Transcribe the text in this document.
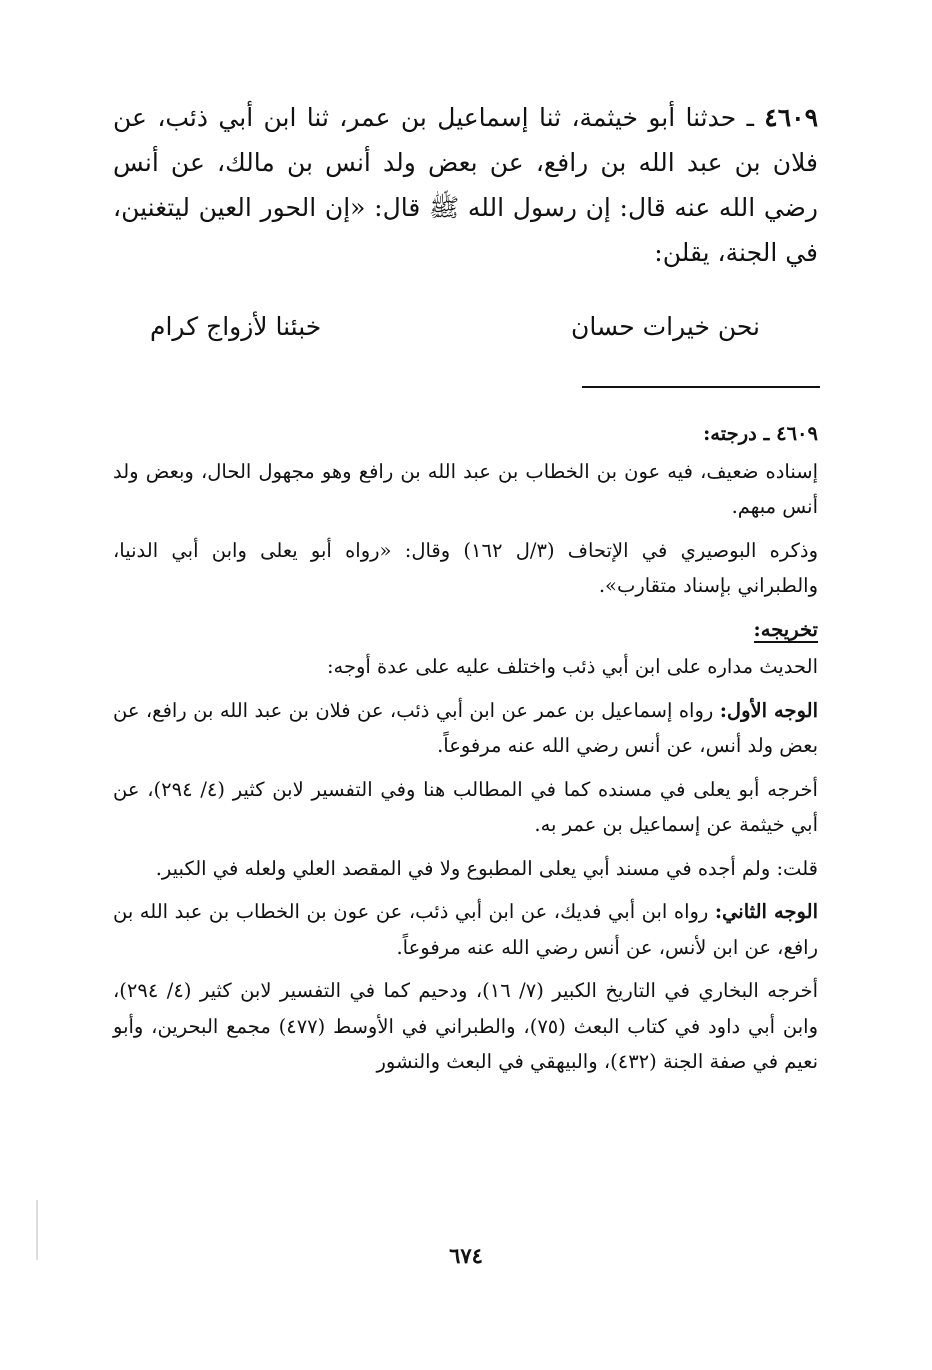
٤٦٠٩ ـ حدثنا أبو خيثمة، ثنا إسماعيل بن عمر، ثنا ابن أبي ذئب، عن فلان بن عبد الله بن رافع، عن بعض ولد أنس بن مالك، عن أنس رضي الله عنه قال: إن رسول الله ﷺ قال: «إن الحور العين ليتغنين، في الجنة، يقلن:

نحن خيرات حسان
خبئنا لأزواج كرام

٤٦٠٩ ـ درجته:

إسناده ضعيف، فيه عون بن الخطاب بن عبد الله بن رافع وهو مجهول الحال، وبعض ولد أنس مبهم.

وذكره البوصيري في الإتحاف (٣/ل ١٦٢) وقال: «رواه أبو يعلى وابن أبي الدنيا، والطبراني بإسناد متقارب».

تخريجه:

الحديث مداره على ابن أبي ذئب واختلف عليه على عدة أوجه:

الوجه الأول: رواه إسماعيل بن عمر عن ابن أبي ذئب، عن فلان بن عبد الله بن رافع، عن بعض ولد أنس، عن أنس رضي الله عنه مرفوعاً.

أخرجه أبو يعلى في مسنده كما في المطالب هنا وفي التفسير لابن كثير (٤/ ٢٩٤)، عن أبي خيثمة عن إسماعيل بن عمر به.

قلت: ولم أجده في مسند أبي يعلى المطبوع ولا في المقصد العلي ولعله في الكبير.

الوجه الثاني: رواه ابن أبي فديك، عن ابن أبي ذئب، عن عون بن الخطاب بن عبد الله بن رافع، عن ابن لأنس، عن أنس رضي الله عنه مرفوعاً.

أخرجه البخاري في التاريخ الكبير (٧/ ١٦)، ودحيم كما في التفسير لابن كثير (٤/ ٢٩٤)، وابن أبي داود في كتاب البعث (٧٥)، والطبراني في الأوسط (٤٧٧) مجمع البحرين، وأبو نعيم في صفة الجنة (٤٣٢)، والبيهقي في البعث والنشور

٦٧٤
